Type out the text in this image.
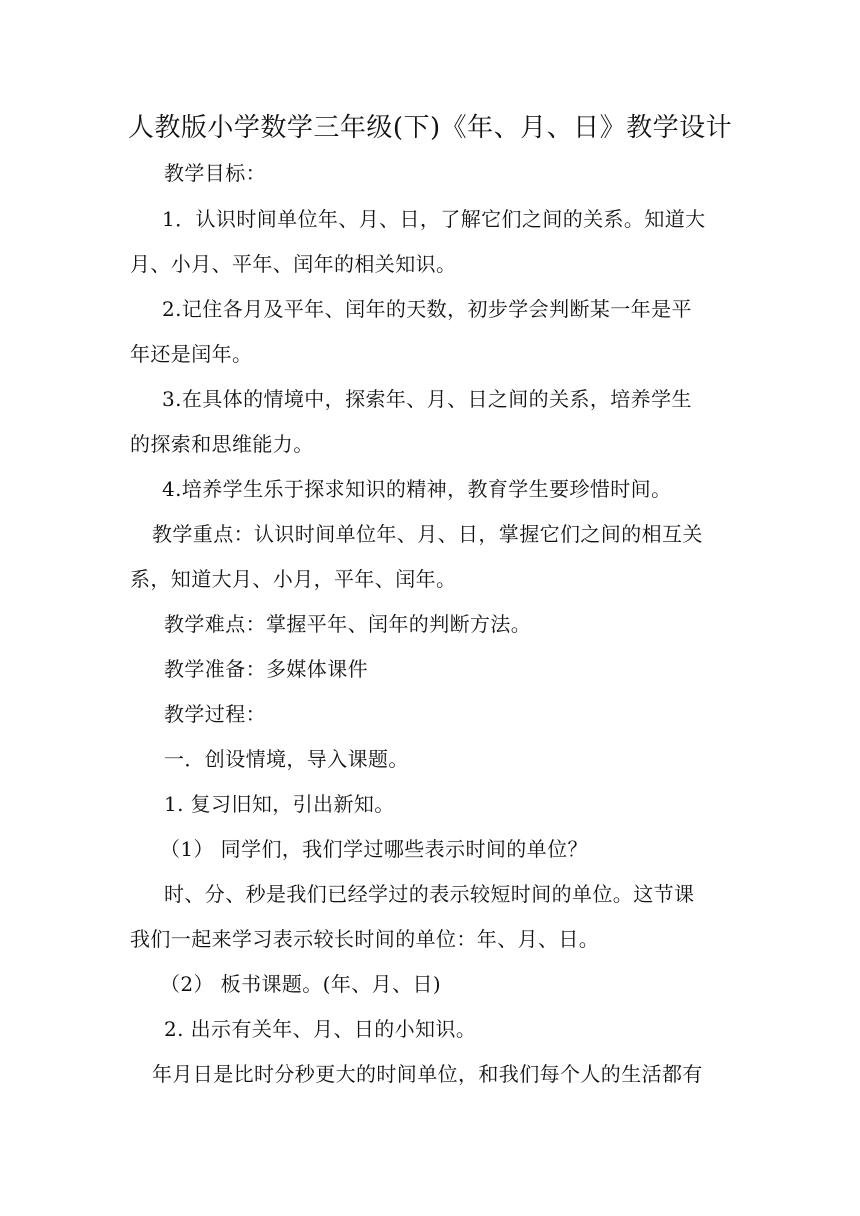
人教版小学数学三年级(下)《年、月、日》教学设计
教学目标：
1．认识时间单位年、月、日，了解它们之间的关系。知道大
月、小月、平年、闰年的相关知识。
2.记住各月及平年、闰年的天数，初步学会判断某一年是平
年还是闰年。
3.在具体的情境中，探索年、月、日之间的关系，培养学生
的探索和思维能力。
4.培养学生乐于探求知识的精神，教育学生要珍惜时间。
教学重点：认识时间单位年、月、日，掌握它们之间的相互关
系，知道大月、小月，平年、闰年。
教学难点：掌握平年、闰年的判断方法。
教学准备：多媒体课件
教学过程：
一．创设情境，导入课题。
1. 复习旧知，引出新知。
（1） 同学们，我们学过哪些表示时间的单位？
时、分、秒是我们已经学过的表示较短时间的单位。这节课
我们一起来学习表示较长时间的单位：年、月、日。
（2） 板书课题。(年、月、日)
2. 出示有关年、月、日的小知识。
年月日是比时分秒更大的时间单位，和我们每个人的生活都有
